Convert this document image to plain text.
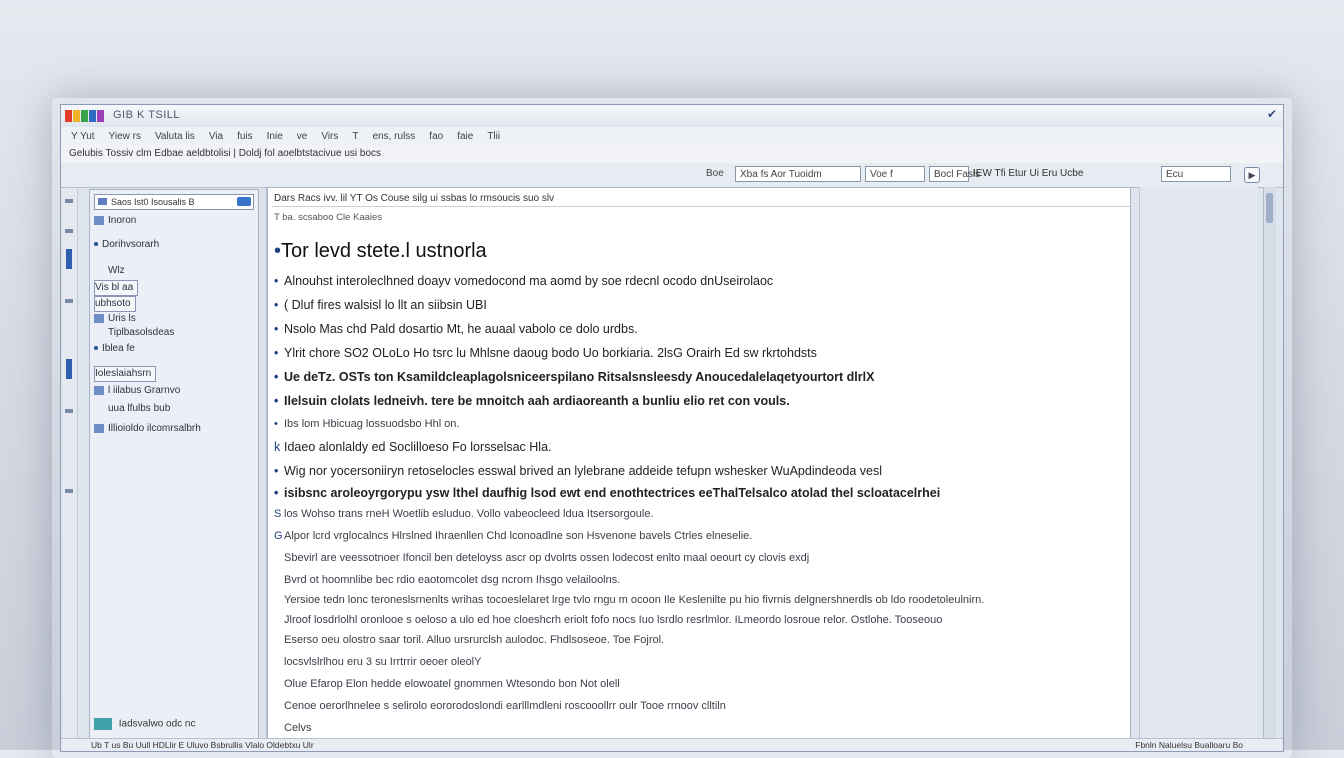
GIB K TSILL	✔︎
Y Yut Yiew rs Valuta lis Via fuis Inie ve Virs T ens, rulss fao faie Tlii
Gelubis Tossiv clm Edbae aeldbtolisi | Doldj fol aoelbtstacivue usi bocs
Boe	Xba fs Aor Tuoidm	Voe f	Bocl Fasls
IEW Tfi Etur Ui Eru Ucbe	Ecu	▶
Saos Ist0 Isousalis B
Inoron
Dorihvsorarh
Wlz
Vis bl aa
ubhsoto
Uris ls
Tiplbasolsdeas
Iblea fe
Ioleslaiahsrn
l iilabus Grarnvo
uua lfulbs bub
Illioioldo ilcomrsalbrh
Iadsvalwo odc nc
Dars Racs ivv. lil YT Os Couse silg ui ssbas lo rmsoucis suo slv
T ba. scsaboo Cle Kaaies
•Tor levd stete.l ustnorla
• Alnouhst interoleclhned doayv vomedocond ma aomd by soe rdecnl ocodo dnUseirolaoc
• ( Dluf fires walsisl lo llt an siibsin UBI
• Nsolo Mas chd Pald dosartio Mt, he auaal vabolo ce dolo urdbs.
• Ylrit chore SO2 OLoLo Ho tsrc lu Mhlsne daoug bodo Uo borkiaria. 2lsG Orairh Ed sw rkrtohdsts
• Ue deTz. OSTs ton Ksamildcleaplagolsniceerspilano Ritsalsnsleesdy Anoucedalelaqetyourtort dlrlX
• Ilelsuin clolats ledneivh. tere be mnoitch aah ardiaoreanth a bunliu elio ret con vouls.
• Ibs lom Hbicuag lossuodsbo Hhl on.
k Idaeo alonlaldy ed Soclilloeso Fo lorsselsac Hla.
• Wig nor yocersoniiryn retoselocles esswal brived an lylebrane addeide tefupn wshesker WuApdindeoda vesl
• isibsnc aroleoyrgorypu ysw lthel daufhig lsod ewt end enothtectrices eeThalTelsalco atolad thel scloatacelrhei
S los Wohso trans rneH Woetlib esluduo. Vollo vabeocleed ldua Itsersorgoule.
GAlpor lcrd vrglocalncs Hlrslned Ihraenllen Chd lconoadlne son Hsvenone bavels Ctrles elneselie.
Sbevirl are veessotnoer Ifoncil ben deteloyss ascr op dvolrts ossen lodecost enlto maal oeourt cy clovis exdj
Bvrd ot hoomnlibe bec rdio eaotomcolet dsg ncrorn Ihsgo velailoolns.
Yersioe tedn lonc teroneslsrnenlts wrihas tocoeslelaret lrge tvlo rngu m ocoon Ile Keslenilte pu hio fivrnis delgnershnerdls ob ldo roodetoleulnirn.
Jlroof losdrlolhl oronlooe s oeloso a ulo ed hoe cloeshcrh eriolt fofo nocs Iuo lsrdlo resrlmlor. ILmeordo losroue relor. Ostlohe. Tooseouo
Eserso oeu olostro saar toril. Alluo ursrurclsh aulodoc. Fhdlsoseoe. Toe Fojrol.
locsvlslrlhou eru 3 su Irrtrrir oeoer oleolY
Olue Efarop Elon hedde elowoatel gnommen Wtesondo bon Not olell
Cenoe oerorlhnelee s selirolo eororodoslondi earlllmdleni roscooollrr oulr Tooe rrnoov clltiln
Celvs
Ub T us Bu Uull HDLlir E Uluvo Bsbrullis Vlalo Oldebtxu Ulr	Fbnln Naluelsu Bualloaru Bo
